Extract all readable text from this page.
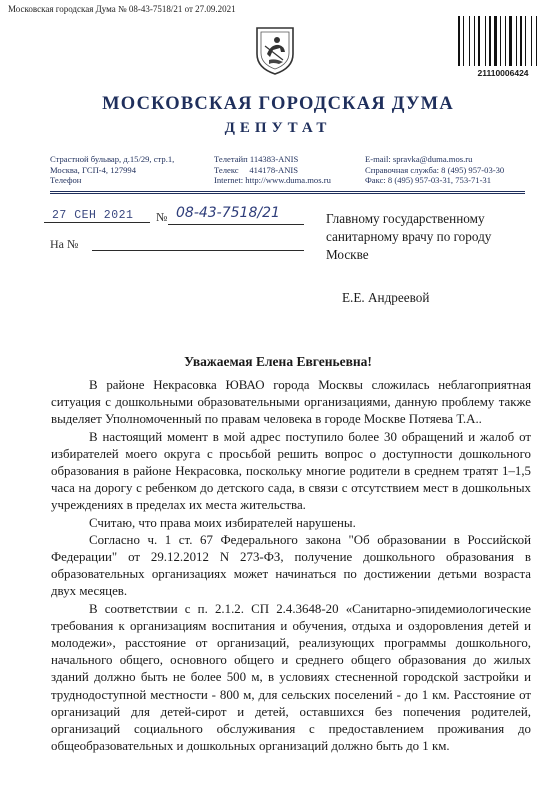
Московская городская Дума № 08-43-7518/21 от 27.09.2021
21110006424
МОСКОВСКАЯ ГОРОДСКАЯ ДУМА
ДЕПУТАТ
Страстной бульвар, д.15/29, стр.1,
Москва, ГСП-4, 127994
Телефон
Телетайп 114383-ANIS
Телекс     414178-ANIS
Internet: http://www.duma.mos.ru
E-mail: spravka@duma.mos.ru
Справочная служба: 8 (495) 957-03-30
Факс: 8 (495) 957-03-31, 753-71-31
27 СЕН 2021 № 08-43-7518/21
На №
Главному государственному
санитарному врачу по городу
Москве
Е.Е. Андреевой
Уважаемая Елена Евгеньевна!

В районе Некрасовка ЮВАО города Москвы сложилась неблагоприятная ситуация с дошкольными образовательными организациями, данную проблему также выделяет Уполномоченный по правам человека в городе Москве Потяева Т.А..

В настоящий момент в мой адрес поступило более 30 обращений и жалоб от избирателей моего округа с просьбой решить вопрос о доступности дошкольного образования в районе Некрасовка, поскольку многие родители в среднем тратят 1–1,5 часа на дорогу с ребенком до детского сада, в связи с отсутствием мест в дошкольных учреждениях в пределах их места жительства.

Считаю, что права моих избирателей нарушены.

Согласно ч. 1 ст. 67 Федерального закона "Об образовании в Российской Федерации" от 29.12.2012 N 273-ФЗ, получение дошкольного образования в образовательных организациях может начинаться по достижении детьми возраста двух месяцев.

В соответствии с п. 2.1.2. СП 2.4.3648-20 «Санитарно-эпидемиологические требования к организациям воспитания и обучения, отдыха и оздоровления детей и молодежи», расстояние от организаций, реализующих программы дошкольного, начального общего, основного общего и среднего общего образования до жилых зданий должно быть не более 500 м, в условиях стесненной городской застройки и труднодоступной местности - 800 м, для сельских поселений - до 1 км. Расстояние от организаций для детей-сирот и детей, оставшихся без попечения родителей, организаций социального обслуживания с предоставлением проживания до общеобразовательных и дошкольных организаций должно быть до 1 км.
